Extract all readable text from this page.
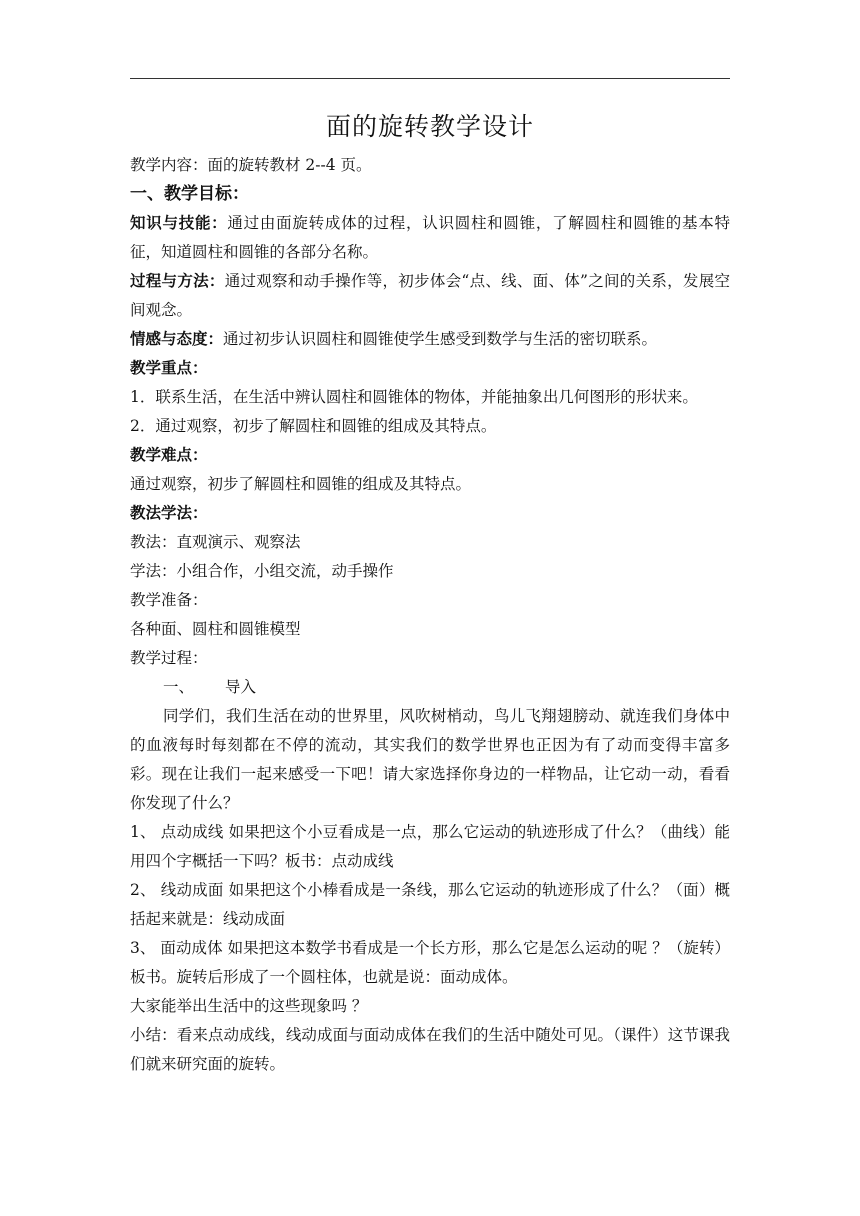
面的旋转教学设计

教学内容：面的旋转教材 2--4 页。

一、教学目标：

知识与技能：通过由面旋转成体的过程，认识圆柱和圆锥，了解圆柱和圆锥的基本特征，知道圆柱和圆锥的各部分名称。

过程与方法：通过观察和动手操作等，初步体会“点、线、面、体”之间的关系，发展空间观念。

情感与态度：通过初步认识圆柱和圆锥使学生感受到数学与生活的密切联系。

教学重点：

1．联系生活，在生活中辨认圆柱和圆锥体的物体，并能抽象出几何图形的形状来。

2．通过观察，初步了解圆柱和圆锥的组成及其特点。

教学难点：

通过观察，初步了解圆柱和圆锥的组成及其特点。

教法学法：

教法：直观演示、观察法

学法：小组合作，小组交流，动手操作

教学准备：

各种面、圆柱和圆锥模型

教学过程：

一、 导入

同学们，我们生活在动的世界里，风吹树梢动，鸟儿飞翔翅膀动、就连我们身体中的血液每时每刻都在不停的流动，其实我们的数学世界也正因为有了动而变得丰富多彩。现在让我们一起来感受一下吧！请大家选择你身边的一样物品，让它动一动，看看你发现了什么？

1、 点动成线 如果把这个小豆看成是一点，那么它运动的轨迹形成了什么？（曲线）能用四个字概括一下吗？板书：点动成线

2、 线动成面 如果把这个小棒看成是一条线，那么它运动的轨迹形成了什么？（面）概括起来就是：线动成面

3、 面动成体 如果把这本数学书看成是一个长方形，那么它是怎么运动的呢 ？（旋转）板书。旋转后形成了一个圆柱体，也就是说：面动成体。

大家能举出生活中的这些现象吗 ？

小结：看来点动成线，线动成面与面动成体在我们的生活中随处可见。（课件）这节课我们就来研究面的旋转。
